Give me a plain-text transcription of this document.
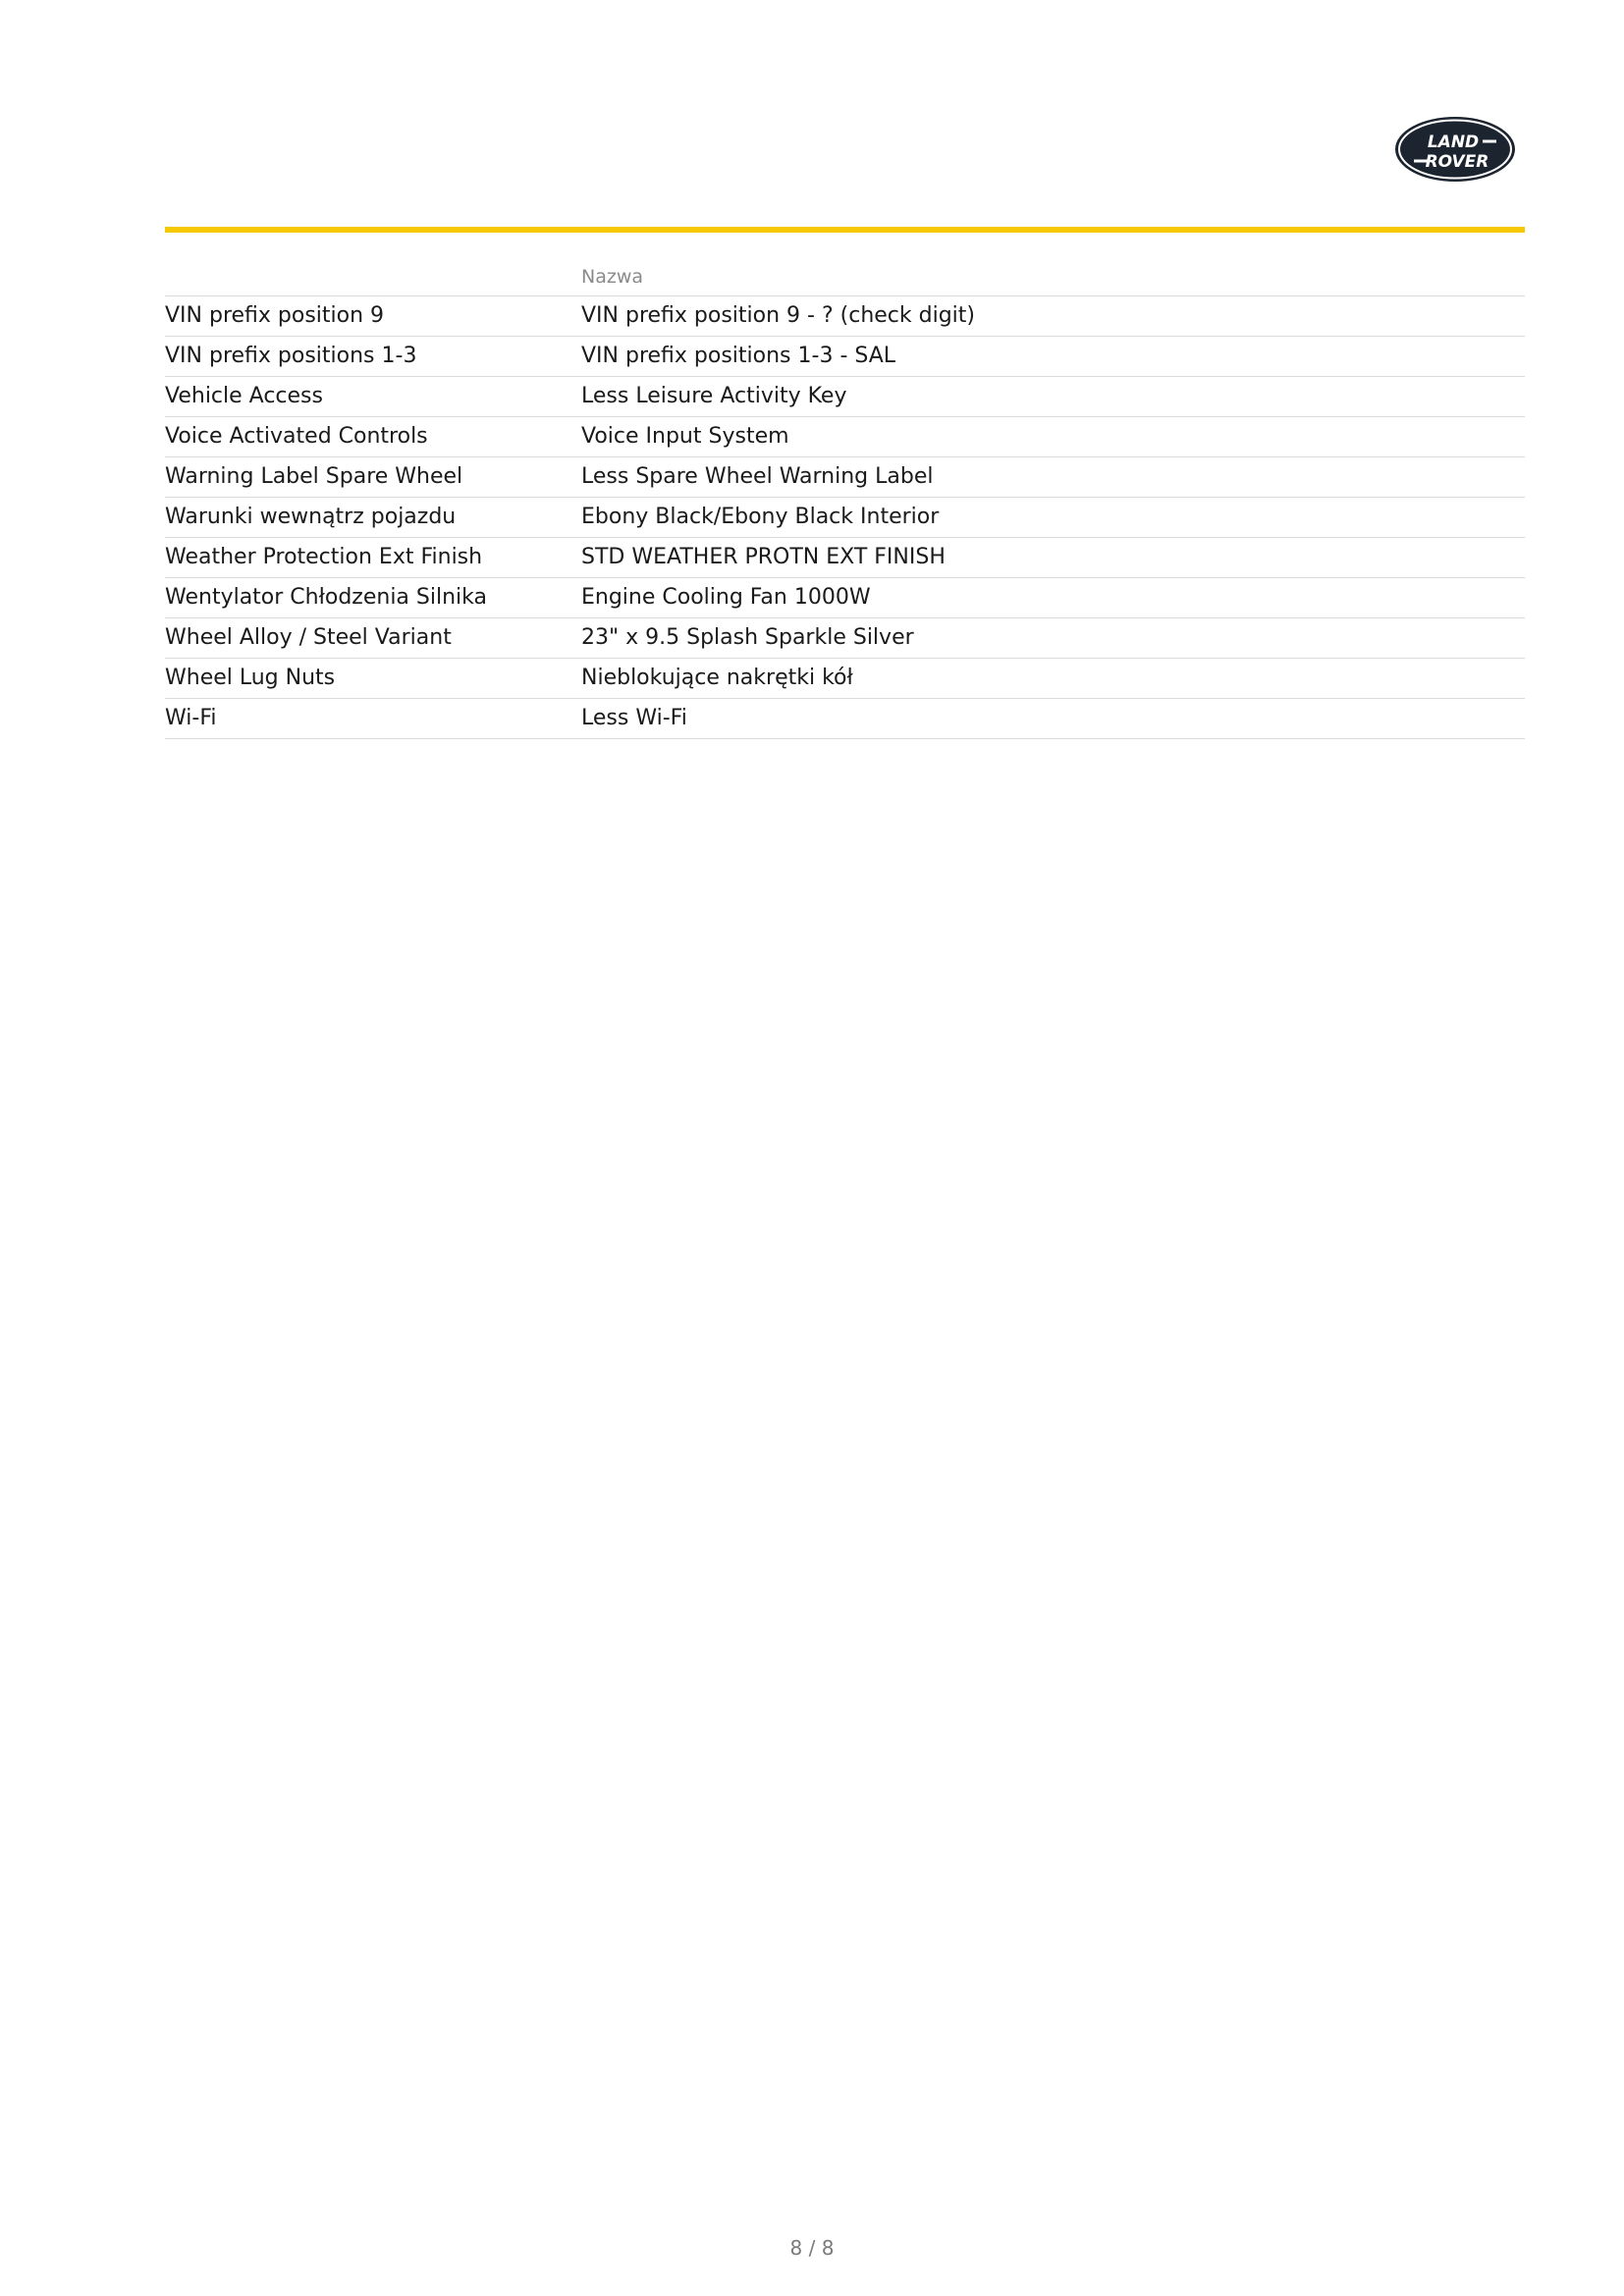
LAND
ROVER
Nazwa
VIN prefix position 9	VIN prefix position 9 - ? (check digit)
VIN prefix positions 1-3	VIN prefix positions 1-3 - SAL
Vehicle Access	Less Leisure Activity Key
Voice Activated Controls	Voice Input System
Warning Label Spare Wheel	Less Spare Wheel Warning Label
Warunki wewnątrz pojazdu	Ebony Black/Ebony Black Interior
Weather Protection Ext Finish	STD WEATHER PROTN EXT FINISH
Wentylator Chłodzenia Silnika	Engine Cooling Fan 1000W
Wheel Alloy / Steel Variant	23" x 9.5 Splash Sparkle Silver
Wheel Lug Nuts	Nieblokujące nakrętki kół
Wi-Fi	Less Wi-Fi
8 / 8
